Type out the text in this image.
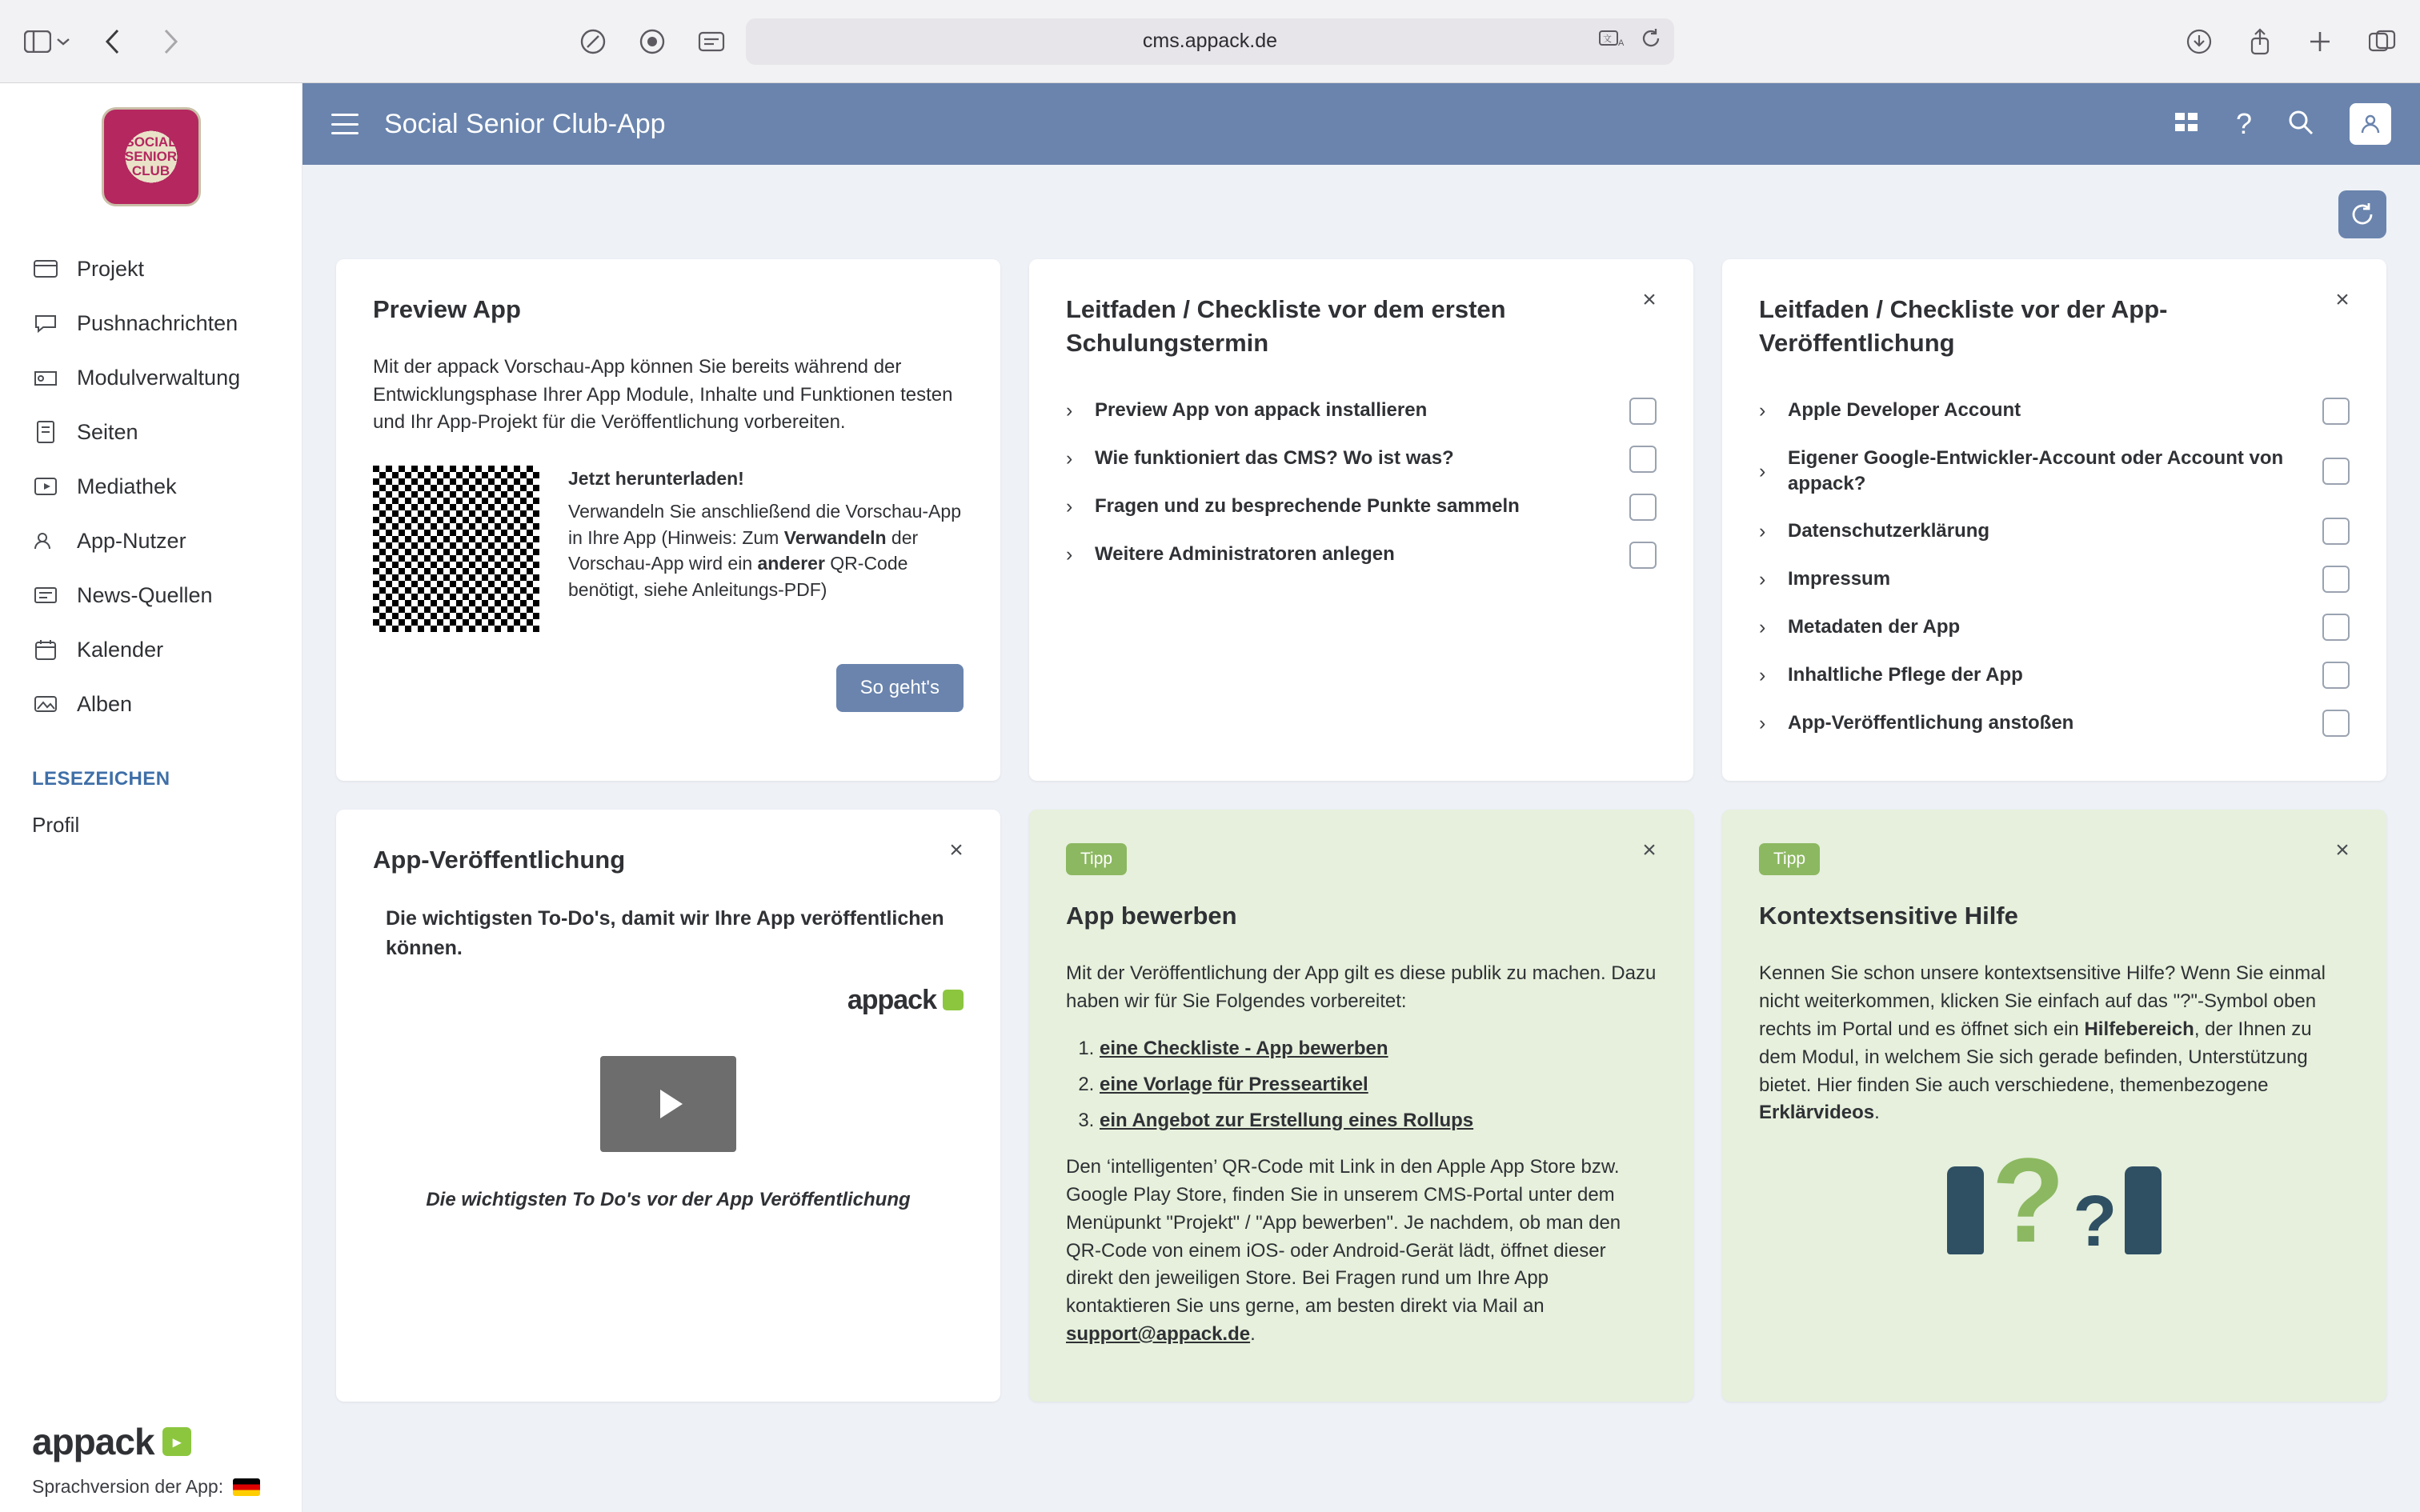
cms.appack.de	文 A
SOCIAL
SENIOR
CLUB
Projekt
Pushnachrichten
Modulverwaltung
Seiten
Mediathek
App-Nutzer
News-Quellen
Kalender
Alben
LESEZEICHEN
Profil
appack	▸
Sprachversion der App:
Social Senior Club-App	?
Preview App

Mit der appack Vorschau-App können Sie bereits während der Entwicklungsphase Ihrer App Module, Inhalte und Funktionen testen und Ihr App-Projekt für die Veröffentlichung vorbereiten.

Jetzt herunterladen!
Verwandeln Sie anschließend die Vorschau-App in Ihre App (Hinweis: Zum Verwandeln der Vorschau-App wird ein anderer QR-Code benötigt, siehe Anleitungs-PDF)
So geht's
×
Leitfaden / Checkliste vor dem ersten Schulungstermin
›	Preview App von appack installieren
›	Wie funktioniert das CMS? Wo ist was?
›	Fragen und zu besprechende Punkte sammeln
›	Weitere Administratoren anlegen
×
Leitfaden / Checkliste vor der App-Veröffentlichung
›	Apple Developer Account
›
Eigener Google-Entwickler-Account oder Account von appack?
›	Datenschutzerklärung
›	Impressum
›	Metadaten der App
›	Inhaltliche Pflege der App
›	App-Veröffentlichung anstoßen
×
App-Veröffentlichung
Die wichtigsten To-Do's, damit wir Ihre App veröffentlichen können.
appack
Die wichtigsten To Do's vor der App Veröffentlichung
×
Tipp
App bewerben

Mit der Veröffentlichung der App gilt es diese publik zu machen. Dazu haben wir für Sie Folgendes vorbereitet:

1. eine Checkliste - App bewerben
2. eine Vorlage für Presseartikel
3. ein Angebot zur Erstellung eines Rollups

Den ‘intelligenten’ QR-Code mit Link in den Apple App Store bzw. Google Play Store, finden Sie in unserem CMS-Portal unter dem Menüpunkt "Projekt" / "App bewerben". Je nachdem, ob man den QR-Code von einem iOS- oder Android-Gerät lädt, öffnet dieser direkt den jeweiligen Store. Bei Fragen rund um Ihre App kontaktieren Sie uns gerne, am besten direkt via Mail an support@appack.de.

×
Tipp
Kontextsensitive Hilfe

Kennen Sie schon unsere kontextsensitive Hilfe? Wenn Sie einmal nicht weiterkommen, klicken Sie einfach auf das "?"-Symbol oben rechts im Portal und es öffnet sich ein Hilfebereich, der Ihnen zu dem Modul, in welchem Sie sich gerade befinden, Unterstützung bietet. Hier finden Sie auch verschiedene, themenbezogene Erklärvideos.

? ?
